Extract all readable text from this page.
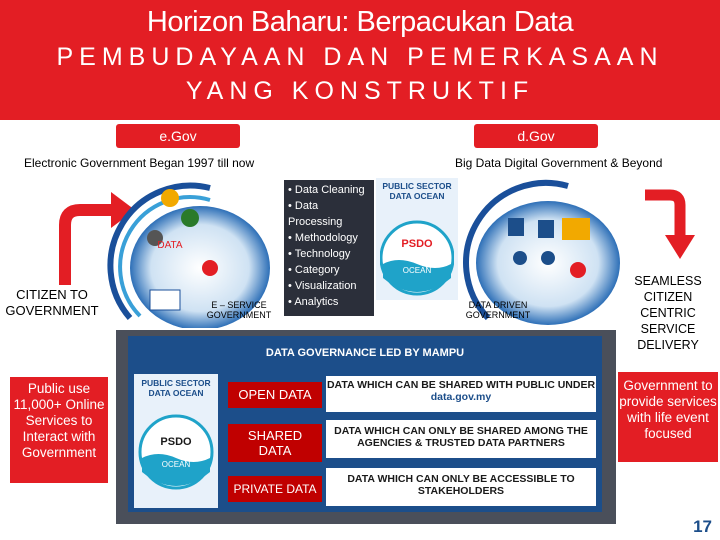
Horizon Baharu: Berpacukan Data
PEMBUDAYAAN DAN PEMERKASAAN
YANG KONSTRUKTIF
e.Gov	d.Gov
Electronic Government Began 1997 till now	Big Data Digital Government & Beyond
DATA
E – SERVICE GOVERNMENT
• Data Cleaning
• Data Processing
• Methodology
• Technology
• Category
• Visualization
• Analytics
PUBLIC SECTOR DATA OCEAN
PSDO
OCEAN
DATA DRIVEN GOVERNMENT
CITIZEN TO GOVERNMENT
Public use 11,000+ Online Services to Interact with Government
SEAMLESS CITIZEN CENTRIC SERVICE DELIVERY
Government to provide services with life event focused
DATA GOVERNANCE LED BY MAMPU
PUBLIC SECTOR DATA OCEAN
PSDO
OCEAN
OPEN DATA
DATA WHICH CAN BE SHARED WITH PUBLIC UNDER data.gov.my
SHARED
DATA
DATA WHICH CAN ONLY BE SHARED AMONG THE AGENCIES & TRUSTED DATA PARTNERS
PRIVATE DATA
DATA WHICH CAN ONLY BE ACCESSIBLE TO STAKEHOLDERS
17
